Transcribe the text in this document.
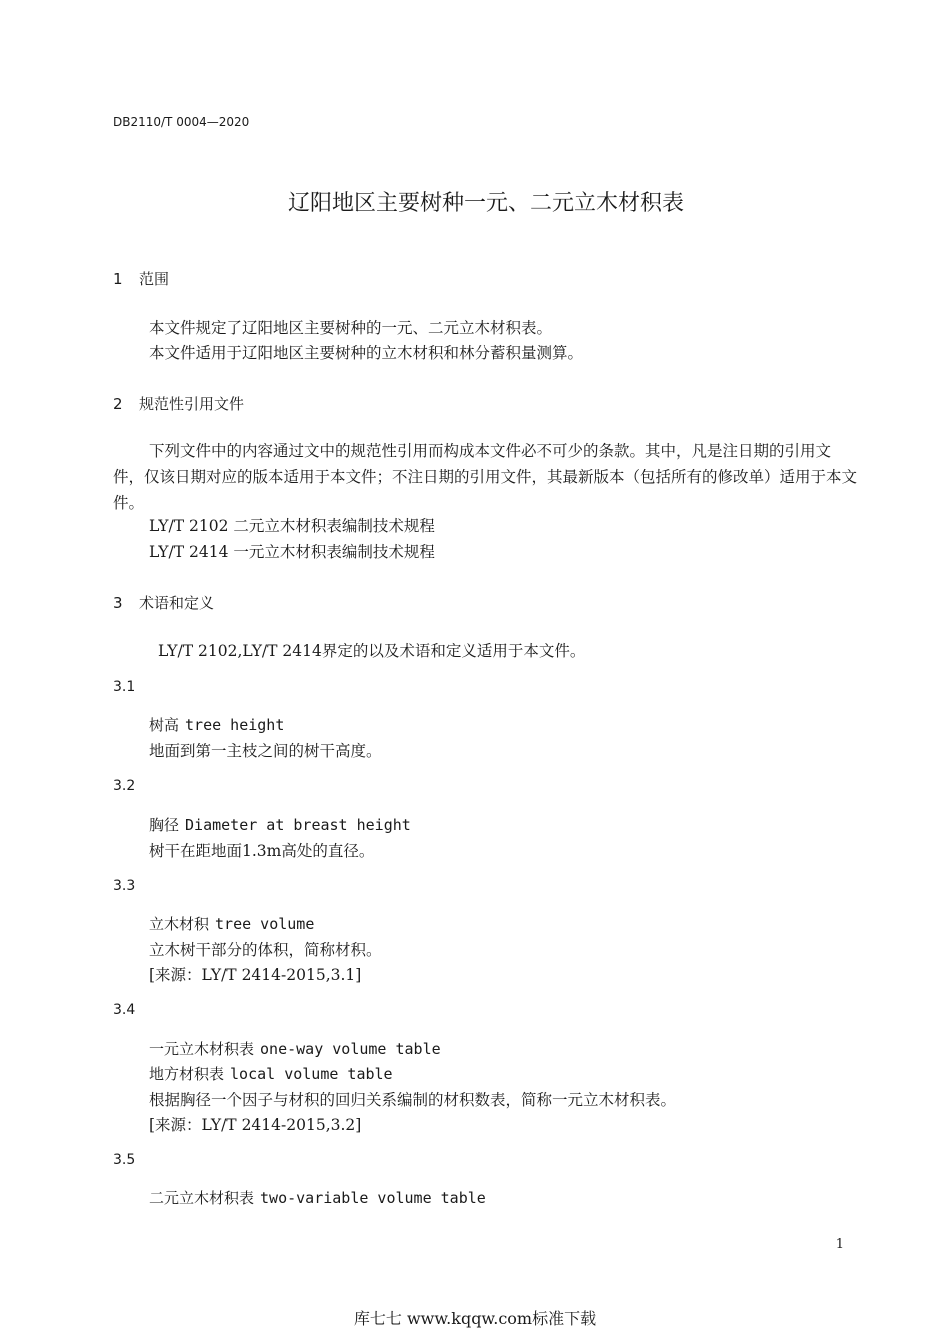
DB2110/T 0004—2020
辽阳地区主要树种一元、二元立木材积表
1 范围
本文件规定了辽阳地区主要树种的一元、二元立木材积表。
本文件适用于辽阳地区主要树种的立木材积和林分蓄积量测算。
2 规范性引用文件
下列文件中的内容通过文中的规范性引用而构成本文件必不可少的条款。其中，凡是注日期的引用文件，仅该日期对应的版本适用于本文件；不注日期的引用文件，其最新版本（包括所有的修改单）适用于本文件。
LY/T 2102 二元立木材积表编制技术规程
LY/T 2414 一元立木材积表编制技术规程
3 术语和定义
LY/T 2102,LY/T 2414界定的以及术语和定义适用于本文件。
3.1
树高 tree height
地面到第一主枝之间的树干高度。
3.2
胸径 Diameter at breast height
树干在距地面1.3m高处的直径。
3.3
立木材积 tree volume
立木树干部分的体积，简称材积。
[来源：LY/T 2414-2015,3.1]
3.4
一元立木材积表 one-way volume table
地方材积表 local volume table
根据胸径一个因子与材积的回归关系编制的材积数表，简称一元立木材积表。
[来源：LY/T 2414-2015,3.2]
3.5
二元立木材积表 two-variable volume table
1
库七七 www.kqqw.com标准下载
